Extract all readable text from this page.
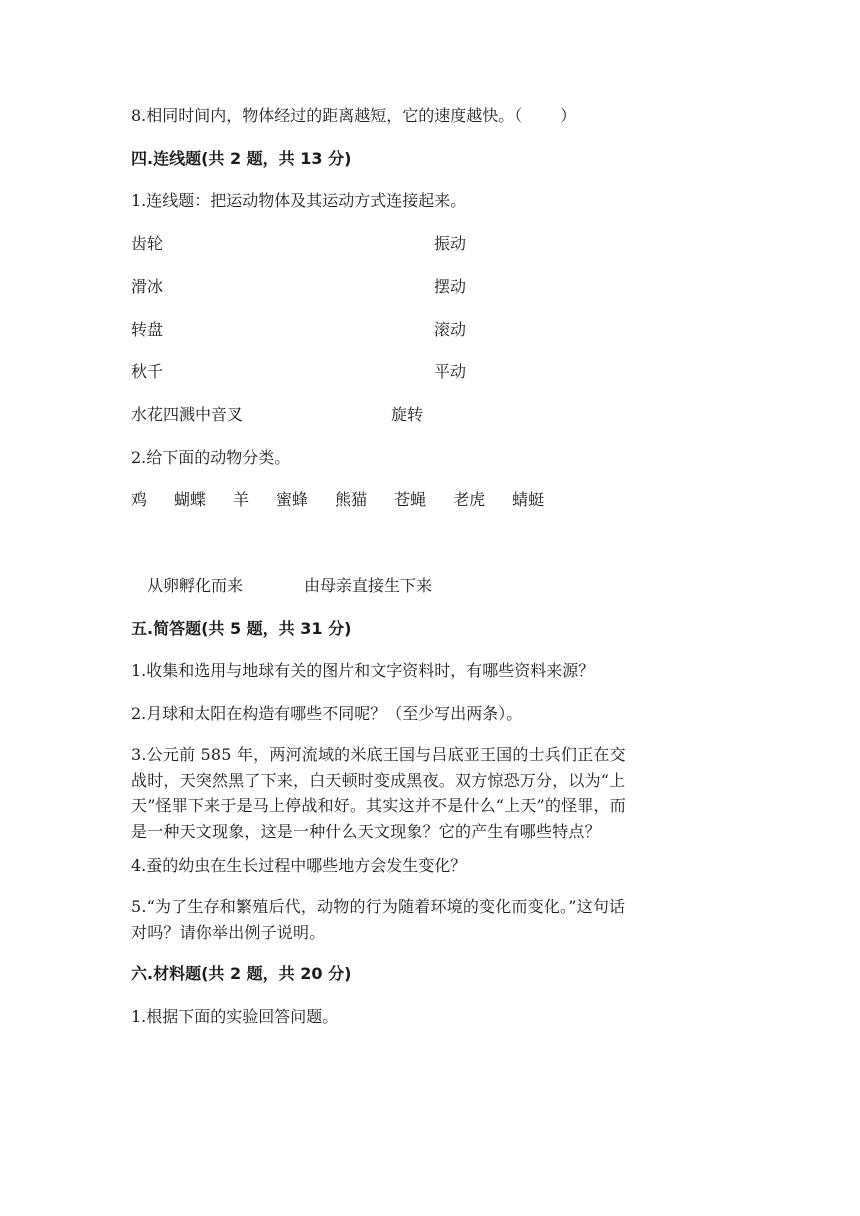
8.相同时间内，物体经过的距离越短，它的速度越快。（ ）
四.连线题(共 2 题，共 13 分)
1.连线题：把运动物体及其运动方式连接起来。
齿轮
滑冰
转盘
秋千
水花四溅中音叉
振动
摆动
滚动
平动
旋转
2.给下面的动物分类。
鸡 蝴蝶 羊 蜜蜂 熊猫 苍蝇 老虎 蜻蜓
从卵孵化而来	由母亲直接生下来
五.简答题(共 5 题，共 31 分)
1.收集和选用与地球有关的图片和文字资料时，有哪些资料来源？
2.月球和太阳在构造有哪些不同呢？（至少写出两条）。
3.公元前 585 年，两河流域的米底王国与吕底亚王国的士兵们正在交战时，天突然黑了下来，白天顿时变成黑夜。双方惊恐万分，以为“上天”怪罪下来于是马上停战和好。其实这并不是什么“上天”的怪罪，而是一种天文现象，这是一种什么天文现象？它的产生有哪些特点？
4.蚕的幼虫在生长过程中哪些地方会发生变化？
5.“为了生存和繁殖后代，动物的行为随着环境的变化而变化。”这句话对吗？请你举出例子说明。
六.材料题(共 2 题，共 20 分)
1.根据下面的实验回答问题。
